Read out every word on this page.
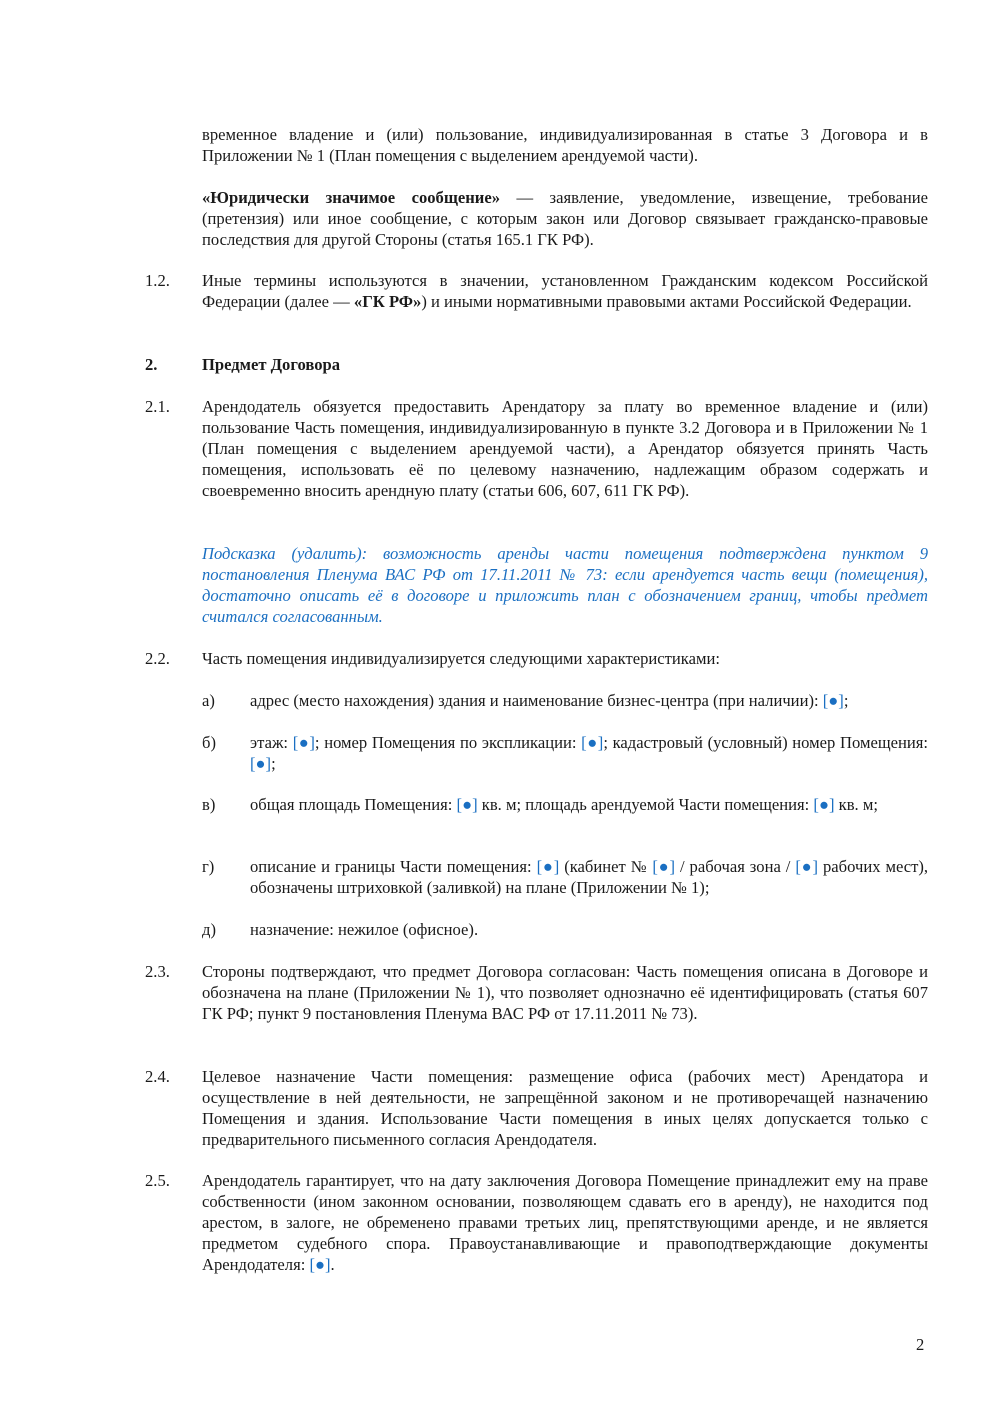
временное владение и (или) пользование, индивидуализированная в статье 3 Договора и в Приложении № 1 (План помещения с выделением арендуемой части).
«Юридически значимое сообщение» — заявление, уведомление, извещение, требование (претензия) или иное сообщение, с которым закон или Договор связывает гражданско-правовые последствия для другой Стороны (статья 165.1 ГК РФ).
1.2. Иные термины используются в значении, установленном Гражданским кодексом Российской Федерации (далее — «ГК РФ») и иными нормативными правовыми актами Российской Федерации.
2.	Предмет Договора
2.1. Арендодатель обязуется предоставить Арендатору за плату во временное владение и (или) пользование Часть помещения, индивидуализированную в пункте 3.2 Договора и в Приложении № 1 (План помещения с выделением арендуемой части), а Арендатор обязуется принять Часть помещения, использовать её по целевому назначению, надлежащим образом содержать и своевременно вносить арендную плату (статьи 606, 607, 611 ГК РФ).
Подсказка (удалить): возможность аренды части помещения подтверждена пунктом 9 постановления Пленума ВАС РФ от 17.11.2011 № 73: если арендуется часть вещи (помещения), достаточно описать её в договоре и приложить план с обозначением границ, чтобы предмет считался согласованным.
2.2. Часть помещения индивидуализируется следующими характеристиками:
а) адрес (место нахождения) здания и наименование бизнес-центра (при наличии): [●];
б) этаж: [●]; номер Помещения по экспликации: [●]; кадастровый (условный) номер Помещения: [●];
в) общая площадь Помещения: [●] кв. м; площадь арендуемой Части помещения: [●] кв. м;
г) описание и границы Части помещения: [●] (кабинет № [●] / рабочая зона / [●] рабочих мест), обозначены штриховкой (заливкой) на плане (Приложении № 1);
д) назначение: нежилое (офисное).
2.3. Стороны подтверждают, что предмет Договора согласован: Часть помещения описана в Договоре и обозначена на плане (Приложении № 1), что позволяет однозначно её идентифицировать (статья 607 ГК РФ; пункт 9 постановления Пленума ВАС РФ от 17.11.2011 № 73).
2.4. Целевое назначение Части помещения: размещение офиса (рабочих мест) Арендатора и осуществление в ней деятельности, не запрещённой законом и не противоречащей назначению Помещения и здания. Использование Части помещения в иных целях допускается только с предварительного письменного согласия Арендодателя.
2.5. Арендодатель гарантирует, что на дату заключения Договора Помещение принадлежит ему на праве собственности (ином законном основании, позволяющем сдавать его в аренду), не находится под арестом, в залоге, не обременено правами третьих лиц, препятствующими аренде, и не является предметом судебного спора. Правоустанавливающие и правоподтверждающие документы Арендодателя: [●].
2
